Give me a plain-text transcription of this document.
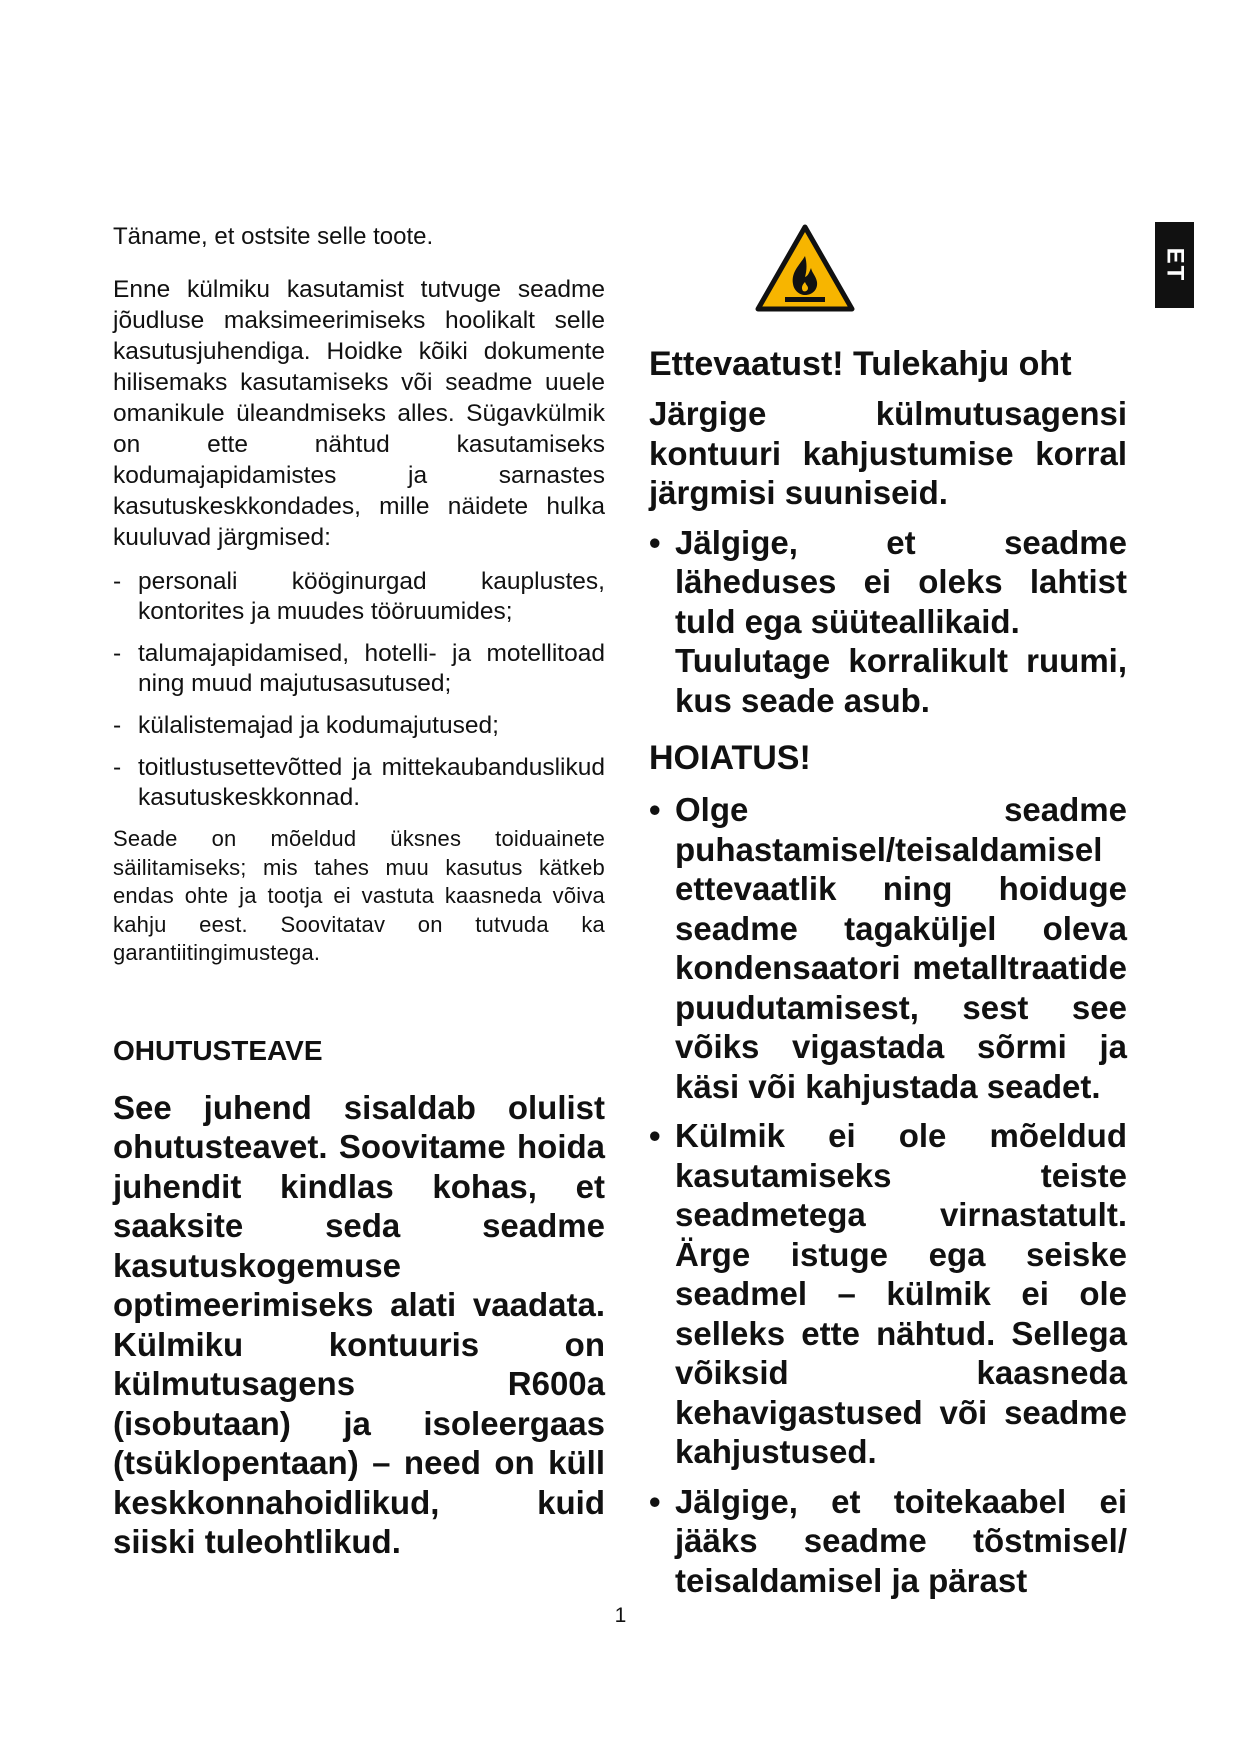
ET

Täname, et ostsite selle toote.

Enne külmiku kasutamist tutvuge seadme jõudluse maksimeerimiseks hoolikalt selle kasutusjuhendiga. Hoidke kõiki dokumente hilisemaks kasutamiseks või seadme uuele omanikule üleandmiseks alles. Sügavkülmik on ette nähtud kasutamiseks kodumajapidamistes ja sarnastes kasutuskeskkondades, mille näidete hulka kuuluvad järgmised:

- personali kööginurgad kauplustes, kontorites ja muudes tööruumides;
- talumajapidamised, hotelli- ja motellitoad ning muud majutusasutused;
- külalistemajad ja kodumajutused;
- toitlustusettevõtted ja mittekaubanduslikud kasutuskeskkonnad.

Seade on mõeldud üksnes toiduainete säilitamiseks; mis tahes muu kasutus kätkeb endas ohte ja tootja ei vastuta kaasneda võiva kahju eest. Soovitatav on tutvuda ka garantiitingimustega.

OHUTUSTEAVE

See juhend sisaldab olulist ohutusteavet. Soovitame hoida juhendit kindlas kohas, et saaksite seda seadme kasutuskogemuse optimeerimiseks alati vaadata. Külmiku kontuuris on külmutusagens R600a (isobutaan) ja isoleergaas (tsüklopentaan) – need on küll keskkonnahoidlikud, kuid siiski tuleohtlikud.

Ettevaatust! Tulekahju oht

Järgige külmutusagensi kontuuri kahjustumise korral järgmisi suuniseid.

• Jälgige, et seadme läheduses ei oleks lahtist tuld ega süüteallikaid.
Tuulutage korralikult ruumi, kus seade asub.
HOIATUS!
• Olge seadme puhastamisel/teisaldamisel ettevaatlik ning hoiduge seadme tagaküljel oleva kondensaatori metalltraatide puudutamisest, sest see võiks vigastada sõrmi ja käsi või kahjustada seadet.
• Külmik ei ole mõeldud kasutamiseks teiste seadmetega virnastatult. Ärge istuge ega seiske seadmel – külmik ei ole selleks ette nähtud. Sellega võiksid kaasneda kehavigastused või seadme kahjustused.
• Jälgige, et toitekaabel ei jääks seadme tõstmisel/ teisaldamisel ja pärast
1
